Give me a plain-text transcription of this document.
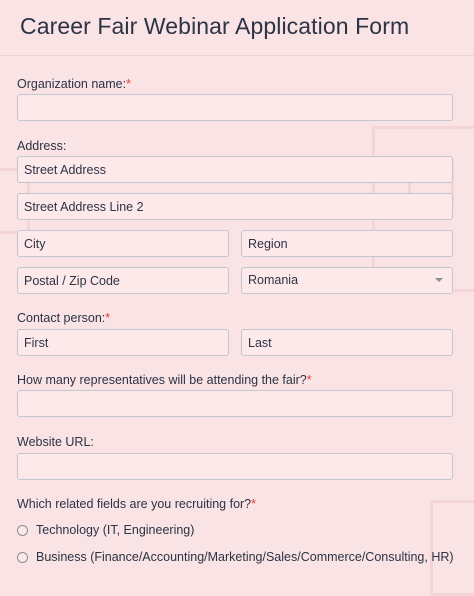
Career Fair Webinar Application Form
Organization name:*
Address:
Street Address
Street Address Line 2
City
Region
Postal / Zip Code
Romania
Contact person:*
First
Last
How many representatives will be attending the fair?*
Website URL:
Which related fields are you recruiting for?*
Technology (IT, Engineering)
Business (Finance/Accounting/Marketing/Sales/Commerce/Consulting, HR)
